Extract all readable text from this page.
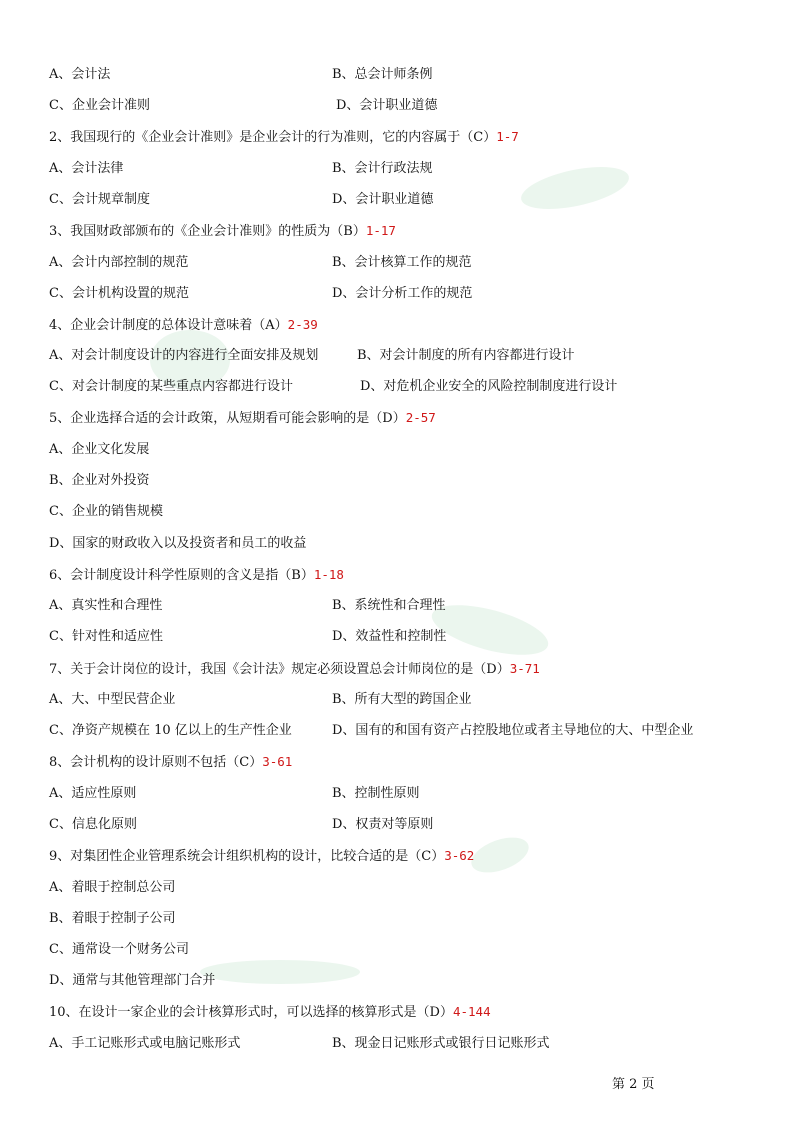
A、会计法	B、总会计师条例
C、企业会计准则	D、会计职业道德
2、我国现行的《企业会计准则》是企业会计的行为准则，它的内容属于（C）1-7
A、会计法律	B、会计行政法规
C、会计规章制度	D、会计职业道德
3、我国财政部颁布的《企业会计准则》的性质为（B）1-17
A、会计内部控制的规范	B、会计核算工作的规范
C、会计机构设置的规范	D、会计分析工作的规范
4、企业会计制度的总体设计意味着（A）2-39
A、对会计制度设计的内容进行全面安排及规划	B、对会计制度的所有内容都进行设计
C、对会计制度的某些重点内容都进行设计	D、对危机企业安全的风险控制制度进行设计
5、企业选择合适的会计政策，从短期看可能会影响的是（D）2-57
A、企业文化发展
B、企业对外投资
C、企业的销售规模
D、国家的财政收入以及投资者和员工的收益
6、会计制度设计科学性原则的含义是指（B）1-18
A、真实性和合理性	B、系统性和合理性
C、针对性和适应性	D、效益性和控制性
7、关于会计岗位的设计，我国《会计法》规定必须设置总会计师岗位的是（D）3-71
A、大、中型民营企业	B、所有大型的跨国企业
C、净资产规模在 10 亿以上的生产性企业	D、国有的和国有资产占控股地位或者主导地位的大、中型企业
8、会计机构的设计原则不包括（C）3-61
A、适应性原则	B、控制性原则
C、信息化原则	D、权责对等原则
9、对集团性企业管理系统会计组织机构的设计，比较合适的是（C）3-62
A、着眼于控制总公司
B、着眼于控制子公司
C、通常设一个财务公司
D、通常与其他管理部门合并
10、在设计一家企业的会计核算形式时，可以选择的核算形式是（D）4-144
A、手工记账形式或电脑记账形式	B、现金日记账形式或银行日记账形式
第 2 页
